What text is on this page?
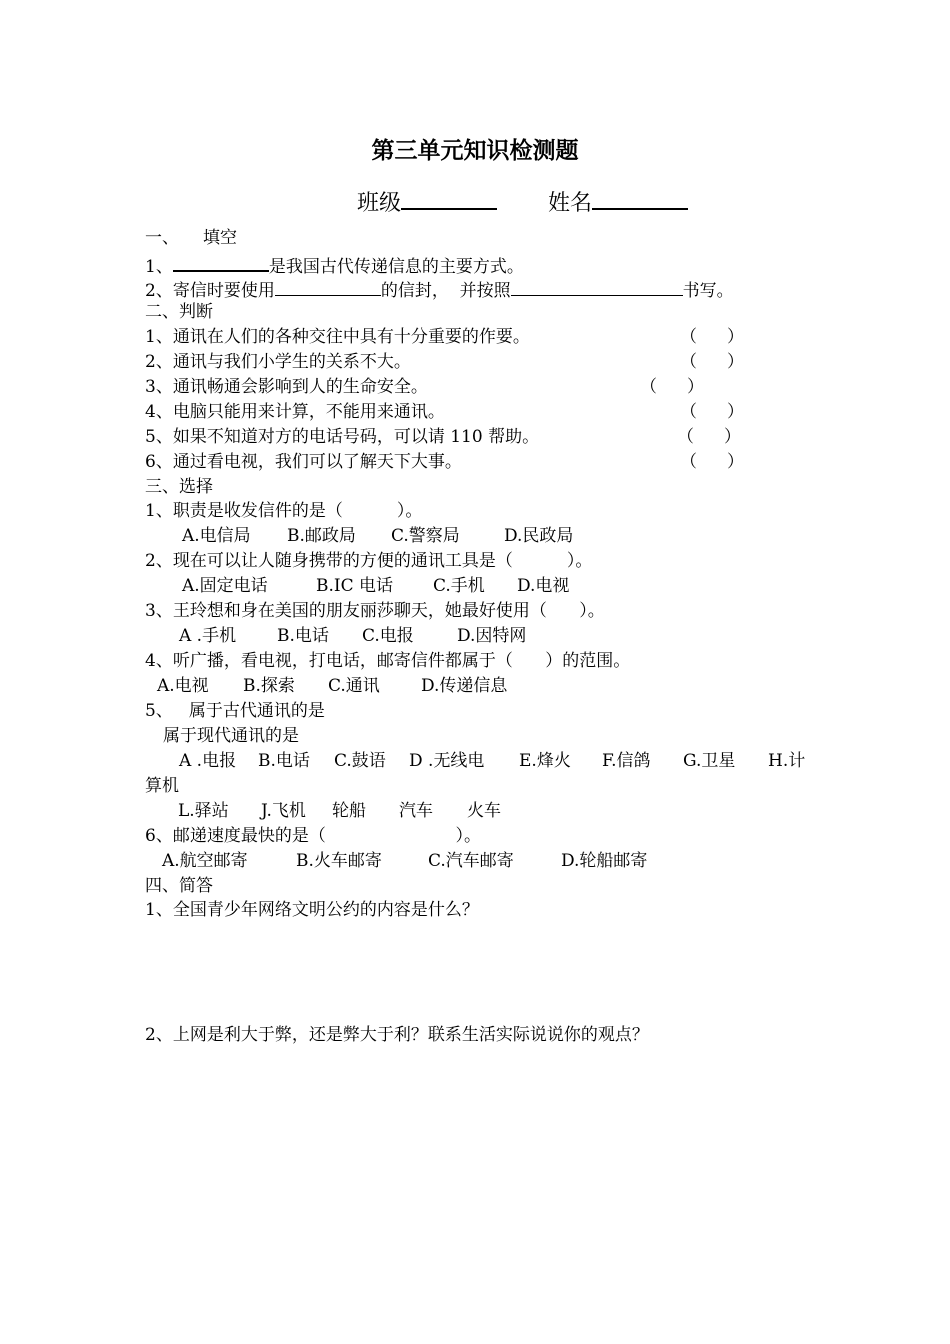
第三单元知识检测题
班级	姓名
一、 填空
1、	是我国古代传递信息的主要方式。
2、寄信时要使用	的信封，  并按照	书写。
二、判断
1、通讯在人们的各种交往中具有十分重要的作要。	（ ）
2、通讯与我们小学生的关系不大。	（ ）
3、通讯畅通会影响到人的生命安全。	（ ）
4、电脑只能用来计算，不能用来通讯。	（ ）
5、如果不知道对方的电话号码，可以请 110 帮助。	（ ）
6、通过看电视，我们可以了解天下大事。	（ ）
三、选择
1、职责是收发信件的是（          ）。
A.电信局 B.邮政局 C.警察局	D.民政局
2、现在可以让人随身携带的方便的通讯工具是（          ）。
A.固定电话	B.IC 电话 C.手机 D.电视
3、王玲想和身在美国的朋友丽莎聊天，她最好使用（      ）。
A .手机 B.电话 C.电报	D.因特网
4、听广播，看电视，打电话，邮寄信件都属于（      ）的范围。
A.电视 B.探索 C.通讯 D.传递信息
5、 属于古代通讯的是
属于现代通讯的是
A .电报 B.电话 C.鼓语 D .无线电 E.烽火 F.信鸽 G.卫星 H.计
算机
L.驿站 J.飞机 轮船 汽车 火车
6、邮递速度最快的是（                        ）。
A.航空邮寄	B.火车邮寄	C.汽车邮寄	D.轮船邮寄
四、简答
1、全国青少年网络文明公约的内容是什么？
2、上网是利大于弊，还是弊大于利？联系生活实际说说你的观点？
